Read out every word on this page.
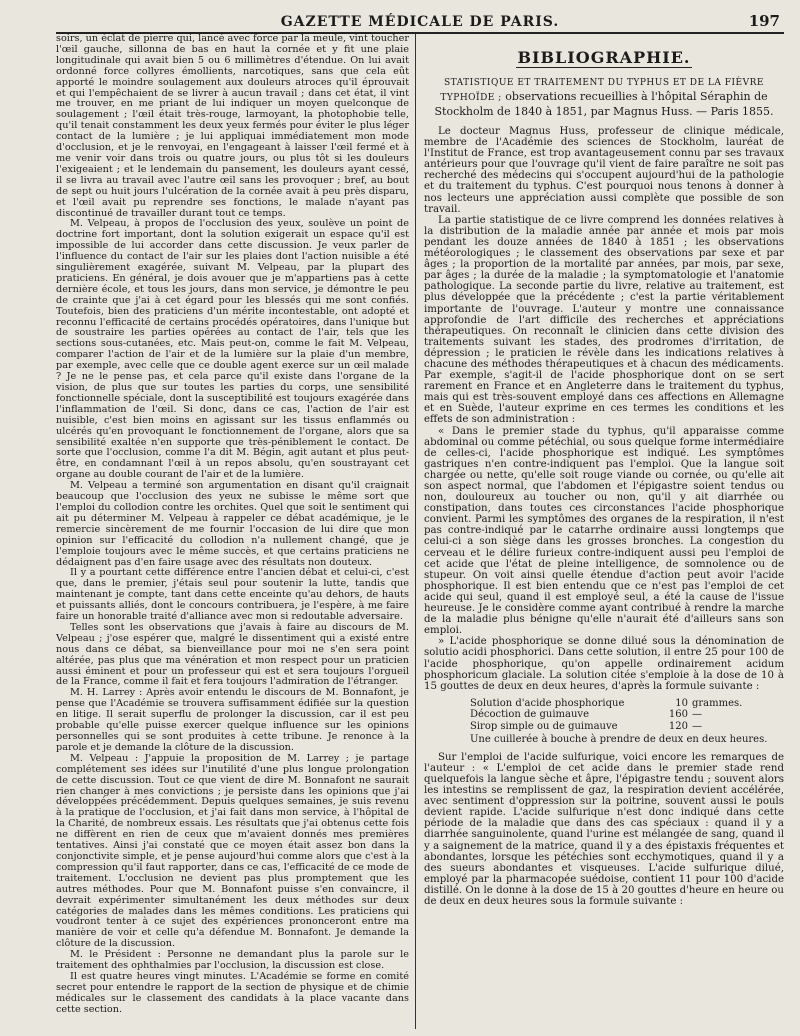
GAZETTE MÉDICALE DE PARIS.	197

soirs, un éclat de pierre qui, lancé avec force par la meule, vint toucher l'œil gauche, sillonna de bas en haut la cornée et y fit une plaie longitudinale qui avait bien 5 ou 6 millimètres d'étendue. On lui avait ordonné force collyres émollients, narcotiques, sans que cela eût apporté le moindre soulagement aux douleurs atroces qu'il éprouvait et qui l'empêchaient de se livrer à aucun travail ; dans cet état, il vint me trouver, en me priant de lui indiquer un moyen quelconque de soulagement ; l'œil était très-rouge, larmoyant, la photophobie telle, qu'il tenait constamment les deux yeux fermés pour éviter le plus léger contact de la lumière ; je lui appliquai immédiatement mon mode d'occlusion, et je le renvoyai, en l'engageant à laisser l'œil fermé et à me venir voir dans trois ou quatre jours, ou plus tôt si les douleurs l'exigeaient ; et le lendemain du pansement, les douleurs ayant cessé, il se livra au travail avec l'autre œil sans les provoquer ; bref, au bout de sept ou huit jours l'ulcération de la cornée avait à peu près disparu, et l'œil avait pu reprendre ses fonctions, le malade n'ayant pas discontinué de travailler durant tout ce temps.

M. Velpeau, à propos de l'occlusion des yeux, soulève un point de doctrine fort important, dont la solution exigerait un espace qu'il est impossible de lui accorder dans cette discussion. Je veux parler de l'influence du contact de l'air sur les plaies dont l'action nuisible a été singulièrement exagérée, suivant M. Velpeau, par la plupart des praticiens. En général, je dois avouer que je m'appartiens pas à cette dernière école, et tous les jours, dans mon service, je démontre le peu de crainte que j'ai à cet égard pour les blessés qui me sont confiés. Toutefois, bien des praticiens d'un mérite incontestable, ont adopté et reconnu l'efficacité de certains procédés opératoires, dans l'unique but de soustraire les parties opérées au contact de l'air, tels que les sections sous-cutanées, etc. Mais peut-on, comme le fait M. Velpeau, comparer l'action de l'air et de la lumière sur la plaie d'un membre, par exemple, avec celle que ce double agent exerce sur un œil malade ? Je ne le pense pas, et cela parce qu'il existe dans l'organe de la vision, de plus que sur toutes les parties du corps, une sensibilité fonctionnelle spéciale, dont la susceptibilité est toujours exagérée dans l'inflammation de l'œil. Si donc, dans ce cas, l'action de l'air est nuisible, c'est bien moins en agissant sur les tissus enflammés ou ulcérés qu'en provoquant le fonctionnement de l'organe, alors que sa sensibilité exaltée n'en supporte que très-péniblement le contact. De sorte que l'occlusion, comme l'a dit M. Bégin, agit autant et plus peut-être, en condamnant l'œil à un repos absolu, qu'en soustrayant cet organe au double courant de l'air et de la lumière.

M. Velpeau a terminé son argumentation en disant qu'il craignait beaucoup que l'occlusion des yeux ne subisse le même sort que l'emploi du collodion contre les orchites. Quel que soit le sentiment qui ait pu déterminer M. Velpeau à rappeler ce débat académique, je le remercie sincèrement de me fournir l'occasion de lui dire que mon opinion sur l'efficacité du collodion n'a nullement changé, que je l'emploie toujours avec le même succès, et que certains praticiens ne dédaignent pas d'en faire usage avec des résultats non douteux.

Il y a pourtant cette différence entre l'ancien débat et celui-ci, c'est que, dans le premier, j'étais seul pour soutenir la lutte, tandis que maintenant je compte, tant dans cette enceinte qu'au dehors, de hauts et puissants alliés, dont le concours contribuera, je l'espère, à me faire faire un honorable traité d'alliance avec mon si redoutable adversaire.

Telles sont les observations que j'avais à faire au discours de M. Velpeau ; j'ose espérer que, malgré le dissentiment qui a existé entre nous dans ce débat, sa bienveillance pour moi ne s'en sera point altérée, pas plus que ma vénération et mon respect pour un praticien aussi éminent et pour un professeur qui est et sera toujours l'orgueil de la France, comme il fait et fera toujours l'admiration de l'étranger.

M. H. Larrey : Après avoir entendu le discours de M. Bonnafont, je pense que l'Académie se trouvera suffisamment édifiée sur la question en litige. Il serait superflu de prolonger la discussion, car il est peu probable qu'elle puisse exercer quelque influence sur les opinions personnelles qui se sont produites à cette tribune. Je renonce à la parole et je demande la clôture de la discussion.

M. Velpeau : J'appuie la proposition de M. Larrey ; je partage complétement ses idées sur l'inutilité d'une plus longue prolongation de cette discussion. Tout ce que vient de dire M. Bonnafont ne saurait rien changer à mes convictions ; je persiste dans les opinions que j'ai développées précédemment. Depuis quelques semaines, je suis revenu à la pratique de l'occlusion, et j'ai fait dans mon service, à l'hôpital de la Charité, de nombreux essais. Les résultats que j'ai obtenus cette fois ne diffèrent en rien de ceux que m'avaient donnés mes premières tentatives. Ainsi j'ai constaté que ce moyen était assez bon dans la conjonctivite simple, et je pense aujourd'hui comme alors que c'est à la compression qu'il faut rapporter, dans ce cas, l'efficacité de ce mode de traitement. L'occlusion ne devient pas plus promptement que les autres méthodes. Pour que M. Bonnafont puisse s'en convaincre, il devrait expérimenter simultanément les deux méthodes sur deux catégories de malades dans les mêmes conditions. Les praticiens qui voudront tenter à ce sujet des expériences prononceront entre ma manière de voir et celle qu'a défendue M. Bonnafont. Je demande la clôture de la discussion.

M. le Président : Personne ne demandant plus la parole sur le traitement des ophthalmies par l'occlusion, la discussion est close.

Il est quatre heures vingt minutes. L'Académie se forme en comité secret pour entendre le rapport de la section de physique et de chimie médicales sur le classement des candidats à la place vacante dans cette section.

BIBLIOGRAPHIE.
STATISTIQUE ET TRAITEMENT DU TYPHUS ET DE LA FIÈVRE TYPHOÏDE ; observations recueillies à l'hôpital Séraphin de Stockholm de 1840 à 1851, par Magnus Huss. — Paris 1855.

Le docteur Magnus Huss, professeur de clinique médicale, membre de l'Académie des sciences de Stockholm, lauréat de l'Institut de France, est trop avantageusement connu par ses travaux antérieurs pour que l'ouvrage qu'il vient de faire paraître ne soit pas recherché des médecins qui s'occupent aujourd'hui de la pathologie et du traitement du typhus. C'est pourquoi nous tenons à donner à nos lecteurs une appréciation aussi complète que possible de son travail.

La partie statistique de ce livre comprend les données relatives à la distribution de la maladie année par année et mois par mois pendant les douze années de 1840 à 1851 ; les observations météorologiques ; le classement des observations par sexe et par âges ; la proportion de la mortalité par années, par mois, par sexe, par âges ; la durée de la maladie ; la symptomatologie et l'anatomie pathologique. La seconde partie du livre, relative au traitement, est plus développée que la précédente ; c'est la partie véritablement importante de l'ouvrage. L'auteur y montre une connaissance approfondie de l'art difficile des recherches et appréciations thérapeutiques. On reconnaît le clinicien dans cette division des traitements suivant les stades, des prodromes d'irritation, de dépression ; le praticien le révèle dans les indications relatives à chacune des méthodes thérapeutiques et à chacun des médicaments. Par exemple, s'agit-il de l'acide phosphorique dont on se sert rarement en France et en Angleterre dans le traitement du typhus, mais qui est très-souvent employé dans ces affections en Allemagne et en Suède, l'auteur exprime en ces termes les conditions et les effets de son administration :

« Dans le premier stade du typhus, qu'il apparaisse comme abdominal ou comme pétéchial, ou sous quelque forme intermédiaire de celles-ci, l'acide phosphorique est indiqué. Les symptômes gastriques n'en contre-indiquent pas l'emploi. Que la langue soit chargée ou nette, qu'elle soit rouge viande ou cornée, ou qu'elle ait son aspect normal, que l'abdomen et l'épigastre soient tendus ou non, douloureux au toucher ou non, qu'il y ait diarrhée ou constipation, dans toutes ces circonstances l'acide phosphorique convient. Parmi les symptômes des organes de la respiration, il n'est pas contre-indiqué par le catarrhe ordinaire aussi longtemps que celui-ci a son siège dans les grosses bronches. La congestion du cerveau et le délire furieux contre-indiquent aussi peu l'emploi de cet acide que l'état de pleine intelligence, de somnolence ou de stupeur. On voit ainsi quelle étendue d'action peut avoir l'acide phosphorique. Il est bien entendu que ce n'est pas l'emploi de cet acide qui seul, quand il est employé seul, a été la cause de l'issue heureuse. Je le considère comme ayant contribué à rendre la marche de la maladie plus bénigne qu'elle n'aurait été d'ailleurs sans son emploi.

» L'acide phosphorique se donne dilué sous la dénomination de solutio acidi phosphorici. Dans cette solution, il entre 25 pour 100 de l'acide phosphorique, qu'on appelle ordinairement acidum phosphoricum glaciale. La solution citée s'emploie à la dose de 10 à 15 gouttes de deux en deux heures, d'après la formule suivante :

Solution d'acide phosphorique	10 grammes.
Décoction de guimauve	160 —
Sirop simple ou de guimauve	120 —
Une cuillerée à bouche à prendre de deux en deux heures.

Sur l'emploi de l'acide sulfurique, voici encore les remarques de l'auteur : « L'emploi de cet acide dans le premier stade rend quelquefois la langue sèche et âpre, l'épigastre tendu ; souvent alors les intestins se remplissent de gaz, la respiration devient accélérée, avec sentiment d'oppression sur la poitrine, souvent aussi le pouls devient rapide. L'acide sulfurique n'est donc indiqué dans cette période de la maladie que dans des cas spéciaux : quand il y a diarrhée sanguinolente, quand l'urine est mélangée de sang, quand il y a saignement de la matrice, quand il y a des épistaxis fréquentes et abondantes, lorsque les pétéchies sont ecchymotiques, quand il y a des sueurs abondantes et visqueuses. L'acide sulfurique dilué, employé par la pharmacopée suédoise, contient 11 pour 100 d'acide distillé. On le donne à la dose de 15 à 20 gouttes d'heure en heure ou de deux en deux heures sous la formule suivante :
